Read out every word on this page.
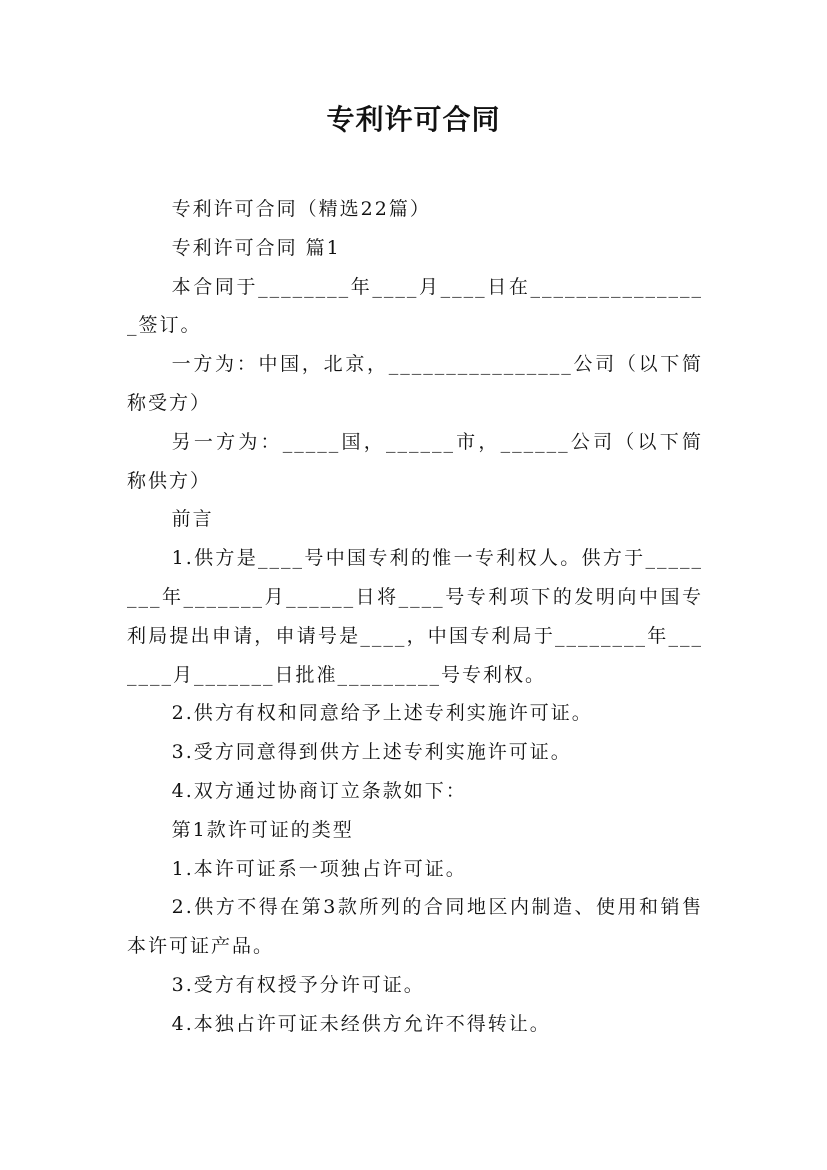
专利许可合同

专利许可合同（精选22篇）

专利许可合同 篇1

本合同于________年____月____日在________________签订。

一方为：中国，北京，________________公司（以下简称受方）

另一方为：_____国，______市，______公司（以下简称供方）

前言

1.供方是____号中国专利的惟一专利权人。供方于________年_______月______日将____号专利项下的发明向中国专利局提出申请，申请号是____，中国专利局于________年_______月_______日批准_________号专利权。

2.供方有权和同意给予上述专利实施许可证。

3.受方同意得到供方上述专利实施许可证。

4.双方通过协商订立条款如下：

第1款许可证的类型

1.本许可证系一项独占许可证。

2.供方不得在第3款所列的合同地区内制造、使用和销售本许可证产品。

3.受方有权授予分许可证。

4.本独占许可证未经供方允许不得转让。
